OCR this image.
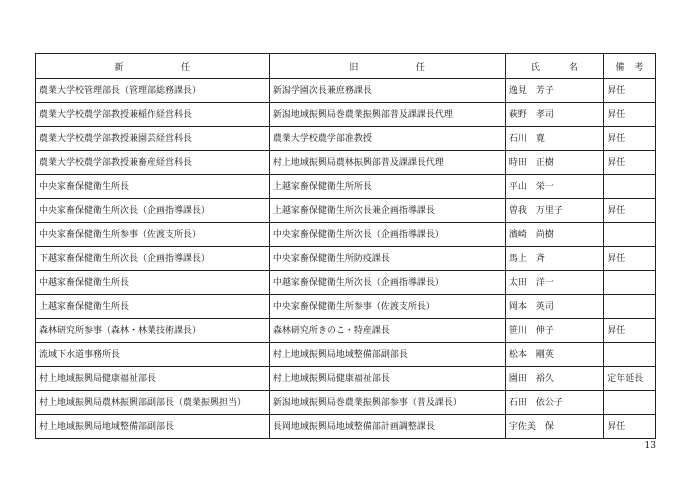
新　　　　　　任	旧　　　　　　任	氏　　　名	備　考
農業大学校管理部長（管理部総務課長）	新潟学園次長兼庶務課長	逸見　芳子	昇任
農業大学校農学部教授兼稲作経営科長	新潟地域振興局巻農業振興部普及課課長代理	萩野　孝司	昇任
農業大学校農学部教授兼園芸経営科長	農業大学校農学部准教授	石川　寛	昇任
農業大学校農学部教授兼畜産経営科長	村上地域振興局農林振興部普及課課長代理	時田　正樹	昇任
中央家畜保健衛生所長	上越家畜保健衛生所所長	平山　栄一	
中央家畜保健衛生所次長（企画指導課長）	上越家畜保健衛生所次長兼企画指導課長	曽我　万里子	昇任
中央家畜保健衛生所参事（佐渡支所長）	中央家畜保健衛生所次長（企画指導課長）	濱崎　尚樹	
下越家畜保健衛生所次長（企画指導課長）	中央家畜保健衛生所防疫課長	馬上　斉	昇任
中越家畜保健衛生所長	中越家畜保健衛生所次長（企画指導課長）	太田　洋一	
上越家畜保健衛生所長	中央家畜保健衛生所参事（佐渡支所長）	岡本　英司	
森林研究所参事（森林・林業技術課長）	森林研究所きのこ・特産課長	笹川　伸子	昇任
流域下水道事務所長	村上地域振興局地域整備部副部長	松本　剛英	
村上地域振興局健康福祉部長	村上地域振興局健康福祉部長	園田　裕久	定年延長
村上地域振興局農林振興部副部長（農業振興担当）	新潟地域振興局巻農業振興部参事（普及課長）	石田　依公子	
村上地域振興局地域整備部副部長	長岡地域振興局地域整備部計画調整課長	宇佐美　保	昇任
13
